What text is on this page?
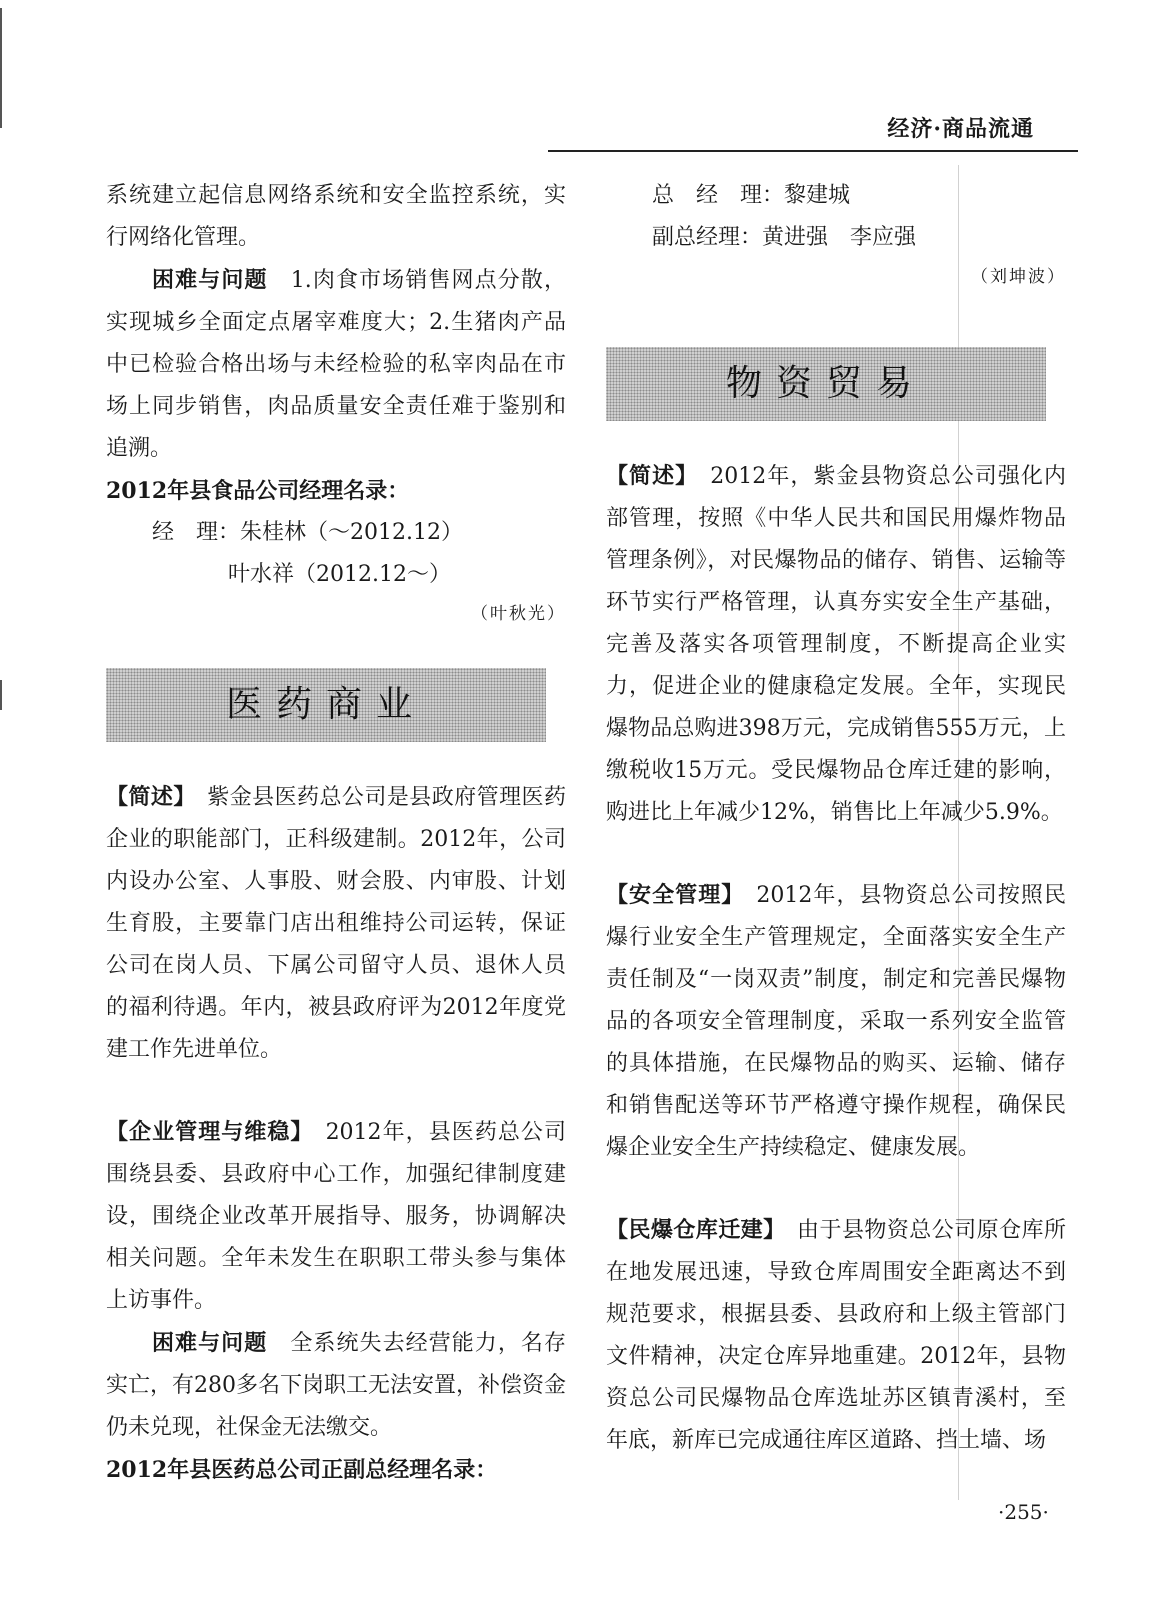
经济·商品流通

系统建立起信息网络系统和安全监控系统，实行网络化管理。

困难与问题　 1.肉食市场销售网点分散，实现城乡全面定点屠宰难度大；2.生猪肉产品中已检验合格出场与未经检验的私宰肉品在市场上同步销售，肉品质量安全责任难于鉴别和追溯。

2012年县食品公司经理名录：

经　理：朱桂林（～2012.12）

叶水祥（2012.12～）

（叶秋光）

医药商业

【简述】　 紫金县医药总公司是县政府管理医药企业的职能部门，正科级建制。2012年，公司内设办公室、人事股、财会股、内审股、计划生育股，主要靠门店出租维持公司运转，保证公司在岗人员、下属公司留守人员、退休人员的福利待遇。年内，被县政府评为2012年度党建工作先进单位。

【企业管理与维稳】　 2012年，县医药总公司围绕县委、县政府中心工作，加强纪律制度建设，围绕企业改革开展指导、服务，协调解决相关问题。全年未发生在职职工带头参与集体上访事件。

困难与问题　 全系统失去经营能力，名存实亡，有280多名下岗职工无法安置，补偿资金仍未兑现，社保金无法缴交。

2012年县医药总公司正副总经理名录：

总　经　理：黎建城

副总经理：黄进强　李应强

（刘坤波）

物资贸易

【简述】　 2012年，紫金县物资总公司强化内部管理，按照《中华人民共和国民用爆炸物品管理条例》，对民爆物品的储存、销售、运输等环节实行严格管理，认真夯实安全生产基础，完善及落实各项管理制度，不断提高企业实力，促进企业的健康稳定发展。全年，实现民爆物品总购进398万元，完成销售555万元，上缴税收15万元。受民爆物品仓库迁建的影响，购进比上年减少12%，销售比上年减少5.9%。

【安全管理】　 2012年，县物资总公司按照民爆行业安全生产管理规定，全面落实安全生产责任制及“一岗双责”制度，制定和完善民爆物品的各项安全管理制度，采取一系列安全监管的具体措施，在民爆物品的购买、运输、储存和销售配送等环节严格遵守操作规程，确保民爆企业安全生产持续稳定、健康发展。

【民爆仓库迁建】　 由于县物资总公司原仓库所在地发展迅速，导致仓库周围安全距离达不到规范要求，根据县委、县政府和上级主管部门文件精神，决定仓库异地重建。2012年，县物资总公司民爆物品仓库选址苏区镇青溪村，至年底，新库已完成通往库区道路、挡土墙、场

·255·
